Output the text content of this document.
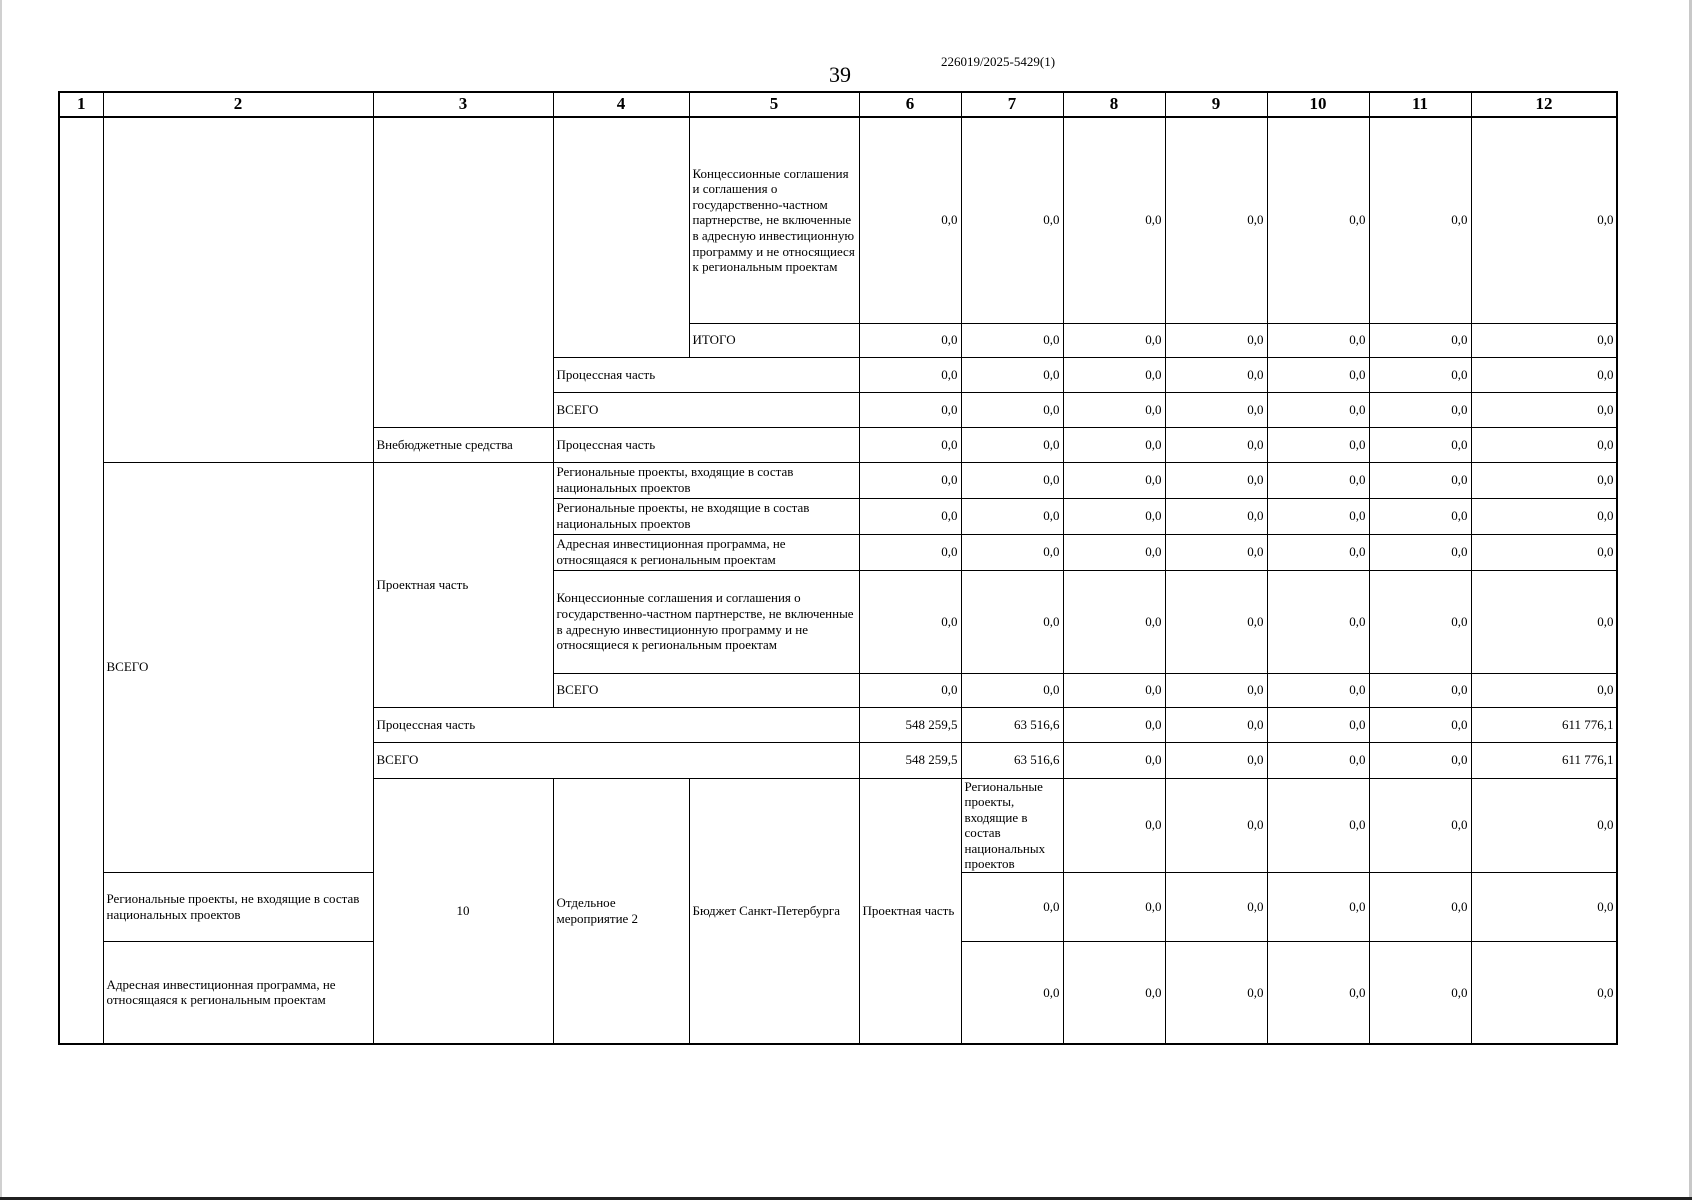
39
226019/2025-5429(1)
1	2	3	4	5	6	7	8	9	10	11	12	
				Концессионные соглашения и соглашения о государственно-частном партнерстве, не включенные в адресную инвестиционную программу и не относящиеся к региональным проектам	0,0	0,0	0,0	0,0	0,0	0,0	0,0	
				ИТОГО	0,0	0,0	0,0	0,0	0,0	0,0	0,0	
			Процессная часть		0,0	0,0	0,0	0,0	0,0	0,0	0,0	
			ВСЕГО		0,0	0,0	0,0	0,0	0,0	0,0	0,0	
		Внебюджетные средства	Процессная часть		0,0	0,0	0,0	0,0	0,0	0,0	0,0	
	ВСЕГО	Проектная часть	Региональные проекты, входящие в состав национальных проектов		0,0	0,0	0,0	0,0	0,0	0,0	0,0	
			Региональные проекты, не входящие в состав национальных проектов		0,0	0,0	0,0	0,0	0,0	0,0	0,0	
			Адресная инвестиционная программа, не относящаяся к региональным проектам		0,0	0,0	0,0	0,0	0,0	0,0	0,0	
			Концессионные соглашения и соглашения о государственно-частном партнерстве, не включенные в адресную инвестиционную программу и не относящиеся к региональным проектам		0,0	0,0	0,0	0,0	0,0	0,0	0,0	
			ВСЕГО		0,0	0,0	0,0	0,0	0,0	0,0	0,0	
		Процессная часть			548 259,5	63 516,6	0,0	0,0	0,0	0,0	611 776,1	
		ВСЕГО			548 259,5	63 516,6	0,0	0,0	0,0	0,0	611 776,1	
		10	Отдельное мероприятие 2	Бюджет Санкт-Петербурга	Проектная часть	Региональные проекты, входящие в состав национальных проектов	0,0	0,0	0,0	0,0	0,0		
	Региональные проекты, не входящие в состав национальных проектов					0,0	0,0	0,0	0,0	0,0	0,0	
	Адресная инвестиционная программа, не относящаяся к региональным проектам					0,0	0,0	0,0	0,0	0,0	0,0	
